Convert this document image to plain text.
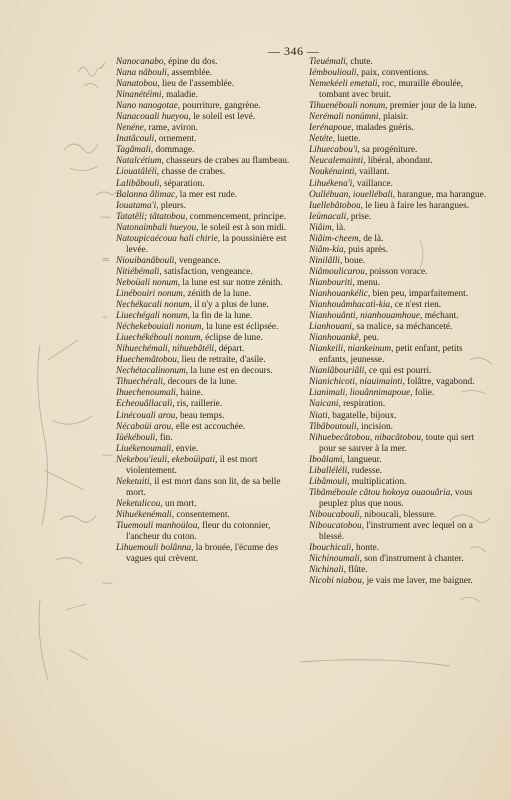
— 346 —

Nanocanabo, épine du dos.

Nana nâbouli, assemblée.

Nanatobou, lieu de l'assemblée.

Ninanétéimi, maladie.

Nano nanogotae, pourriture, gangrène.

Nanacouali hueyou, le soleil est levé.

Nenéne, rame, aviron.

Inatâcouli, ornement.

Tagâmali, dommage.

Natalcétium, chasseurs de crabes au flambeau.

Liouatâléli, chasse de crabes.

Lalibâbouli, séparation.

Balanna âlimac, la mer est rude.

Iouatama'i, pleurs.

Tatatêli; tâtatobou, commencement, principe.

Natonaimbali hueyou, le soleil est à son midi.

Natoupicaécoua hali chirie, la poussinière est levée.

Niouibanâbouli, vengeance.

Nitiébémali, satisfaction, vengeance.

Neboüali nonum, la lune est sur notre zénith.

Linébouiri nonum, zénith de la lune.

Nechékacali nonum, il n'y a plus de lune.

Liuechégali nonum, la fin de la lune.

Néchekebouiali nonum, la lune est éclipsée.

Liuechékébouli nonum, éclipse de lune.

Nihuechémali, nihuebâtéli, départ.

Huechemâtobou, lieu de retraite, d'asile.

Nechétacalinonum, la lune est en decours.

Tihuechérali, decours de la lune.

Ihuechenoumali, haine.

Echeouâllacali, ris, raillerie.

Linécouali arou, beau temps.

Nécaboüi arou, elle est accouchée.

Iüékébouli, fin.

Liuékenoumali, envie.

Nekebou'ieuli, ekeboüipati, il est mort violentement.

Neketaiti, il est mort dans son lit, de sa belle mort.

Neketalicou, un mort.

Nihuékenémali, consentement.

Tiuemouli manhoülou, fleur du cotonnier, l'ancheur du coton.

Lihuemouli bolânna, la brouée, l'écume des vagues qui crèvent.

Tieuémali, chute.

Iémbouliouli, paix, conventions.

Nemekéeli emetali, roc, muraille éboulée, tombant avec bruit.

Tihuenébouli nonum, premier jour de la lune.

Nerémali nonümni, plaisir.

Ierénapoue, malades guéris.

Netéte, luette.

Lihuecabou'i, sa progéniture.

Neucalemainti, libéral, abondant.

Noukénainti, vaillant.

Lihuékena'i, vaillance.

Oullébuan, iouellébali, harangue, ma harangue.

Iuellebâtobou, le lieu à faire les harangues.

Ieümacali, prise.

Niâim, là.

Niâim-cheem, de là.

Niâm-kia, puis après.

Ninilâlli, boue.

Niâmoulicarou, poisson vorace.

Nianbouriti, menu.

Nianhouankélic, bien peu, imparfaitement.

Nianhouâmhacati-kia, ce n'est rien.

Nianhouânti, nianhouamhoue, méchant.

Lianhouani, sa malice, sa méchanceté.

Nianhouankê, peu.

Niankeili, niankeinum, petit enfant, petits enfants, jeunesse.

Nianlâbouriâli, ce qui est pourri.

Nianichicoti, niauimainti, folâtre, vagabond.

Lianimali, liouânnimapoue, folie.

Naicani, respiration.

Niati, bagatelle, bijoux.

Tibâboutouli, incision.

Nihuebecâtobou, nibacâtobou, toute qui sert pour se sauver à la mer.

Iboâlami, langueur.

Liballéléli, rudesse.

Libâmouli, multiplication.

Tibâméboule câtou hokoya ouaouâria, vous peuplez plus que nous.

Niboucabouli, niboucali, blessure.

Niboucatobou, l'instrument avec lequel on a blessé.

Ibouchicali, honte.

Nichinoumali, son d'instrument à chanter.

Nichinali, flûte.

Nicobi niabou, je vais me laver, me baigner.

✓
—
=
–
—
—
